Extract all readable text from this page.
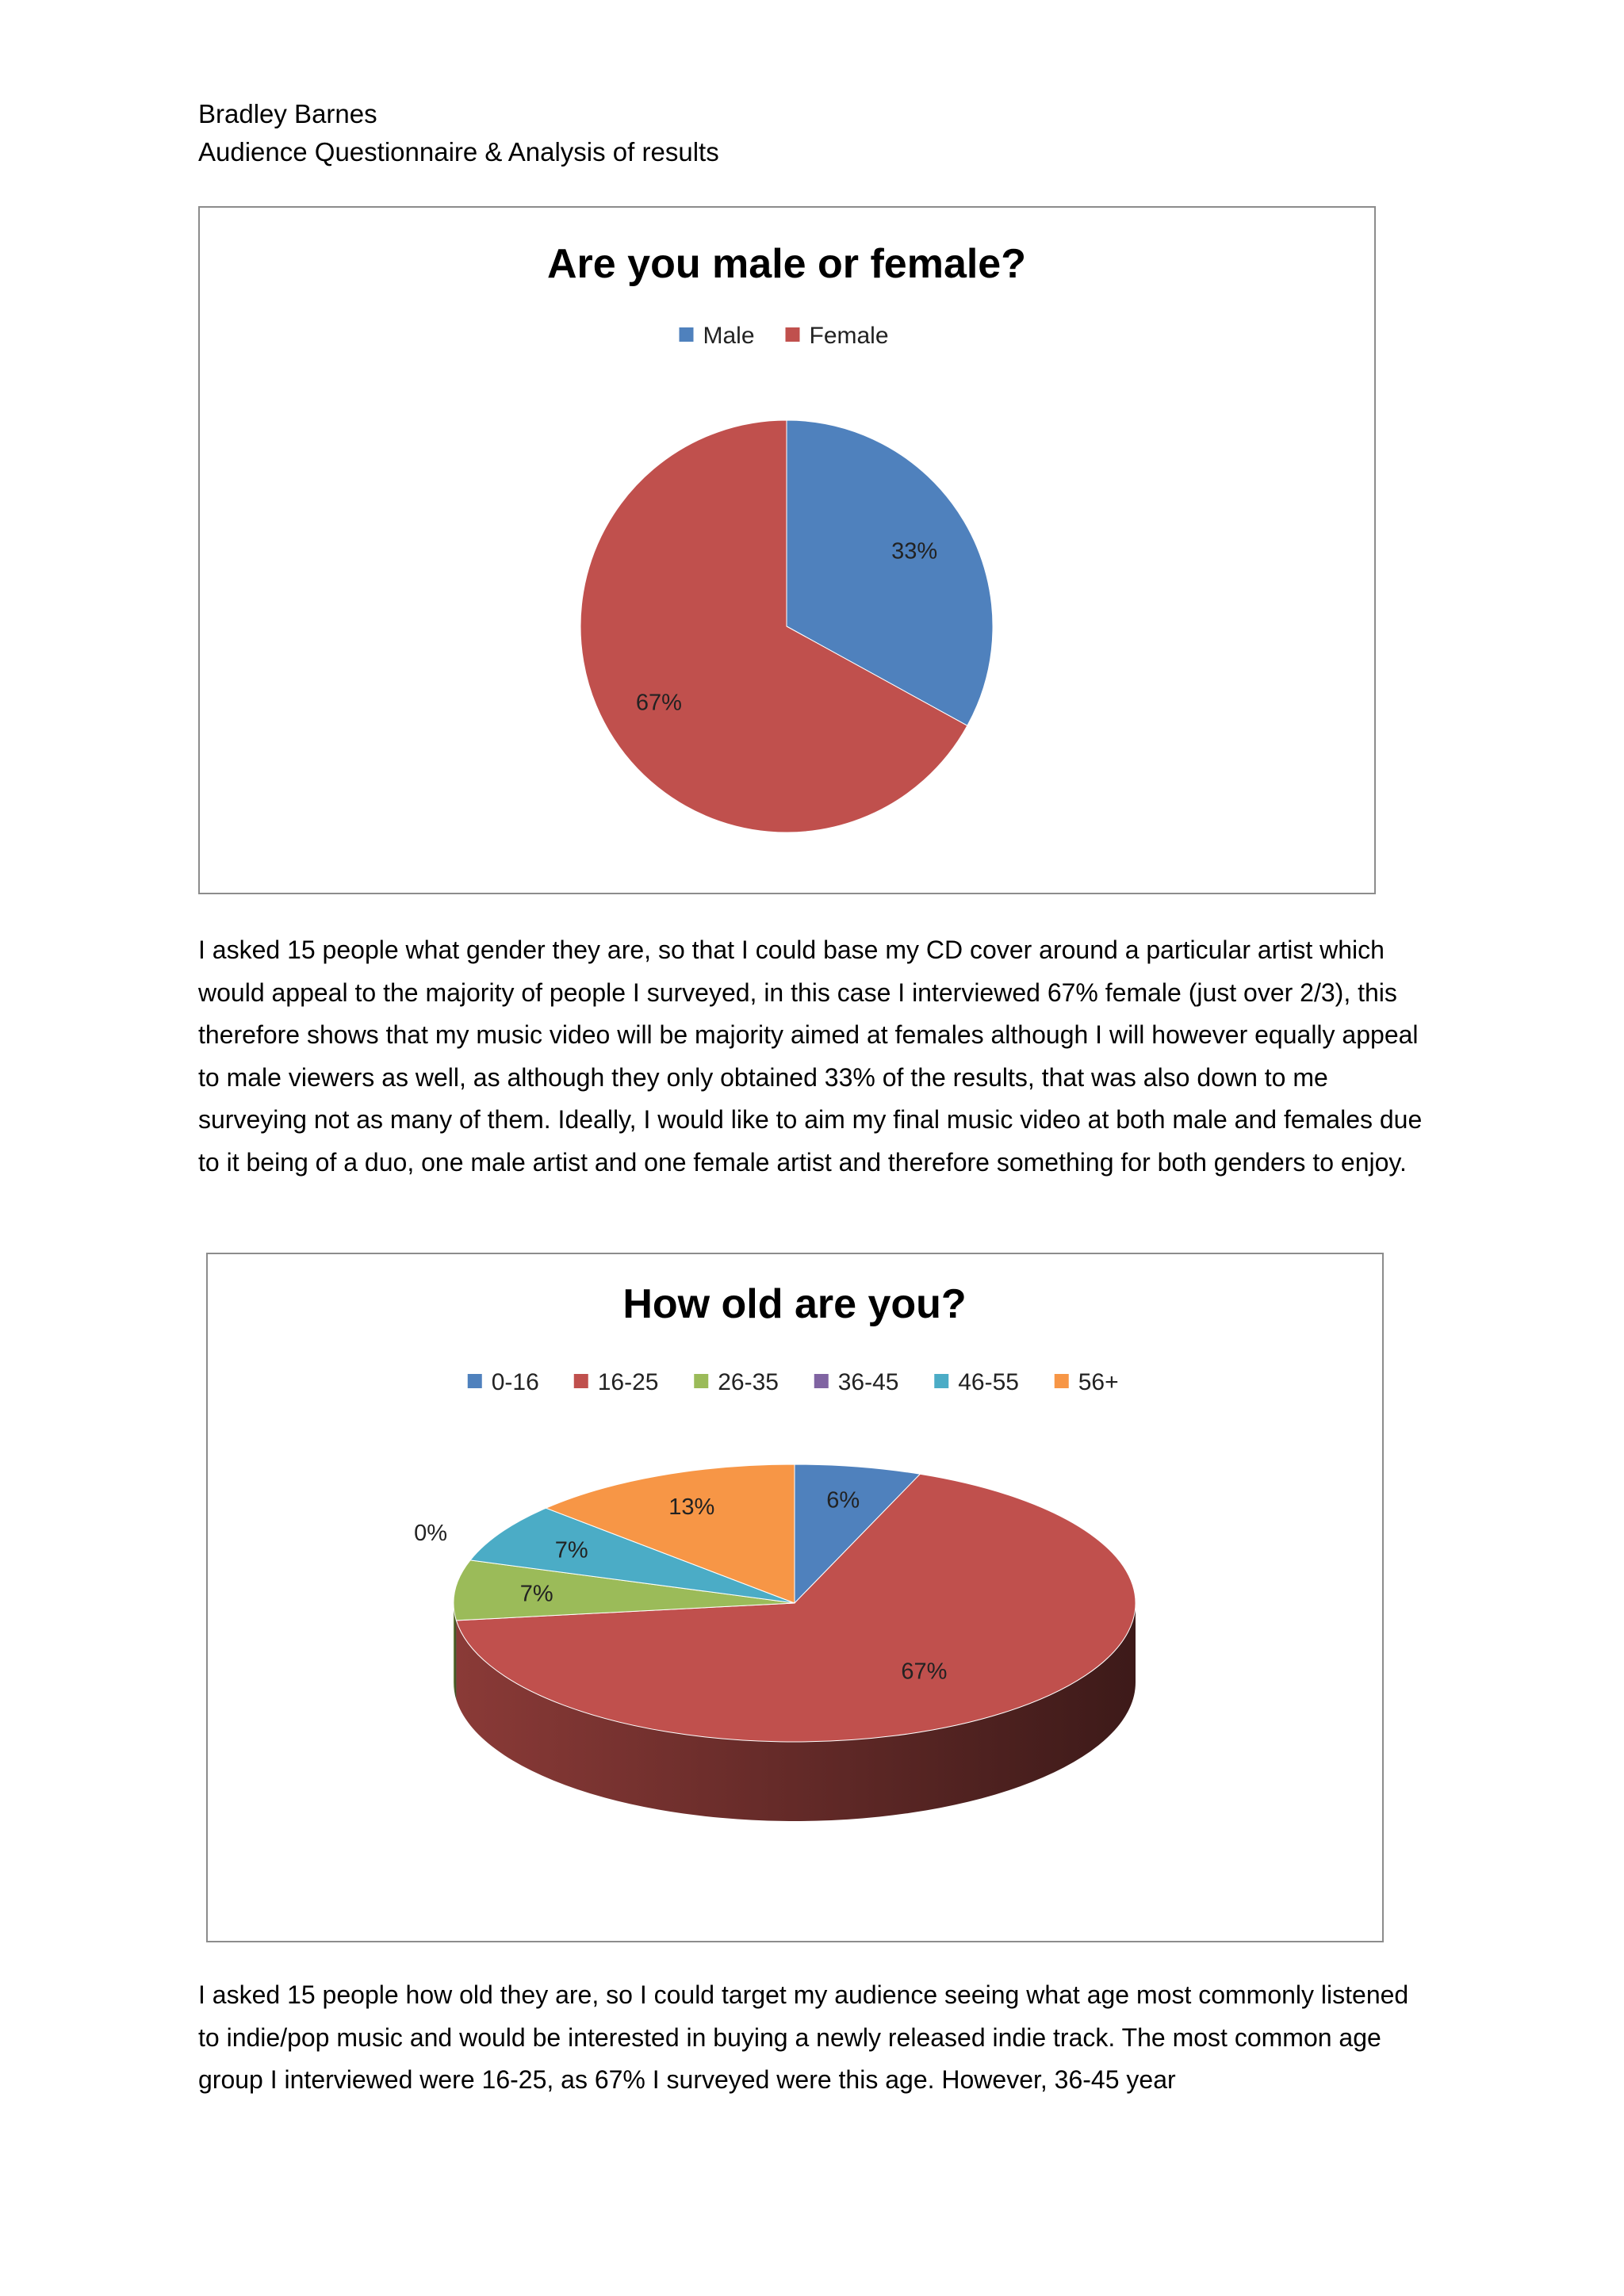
Bradley Barnes
Audience Questionnaire & Analysis of results
Are you male or female?
Male Female
33%
67%
I asked 15 people what gender they are, so that I could base my CD cover around a particular artist which would appeal to the majority of people I surveyed, in this case I interviewed 67% female (just over 2/3), this therefore shows that my music video will be majority aimed at females although I will however equally appeal to male viewers as well, as although they only obtained 33% of the results, that was also down to me surveying not as many of them. Ideally, I would like to aim my final music video at both male and females due to it being of a duo, one male artist and one female artist and therefore something for both genders to enjoy.
How old are you?
0-16 16-25 26-35 36-45 46-55 56+
6%
67%
7%
0%
7%
13%
I asked 15 people how old they are, so I could target my audience seeing what age most commonly listened to indie/pop music and would be interested in buying a newly released indie track. The most common age group I interviewed were 16-25, as 67% I surveyed were this age. However, 36-45 year
